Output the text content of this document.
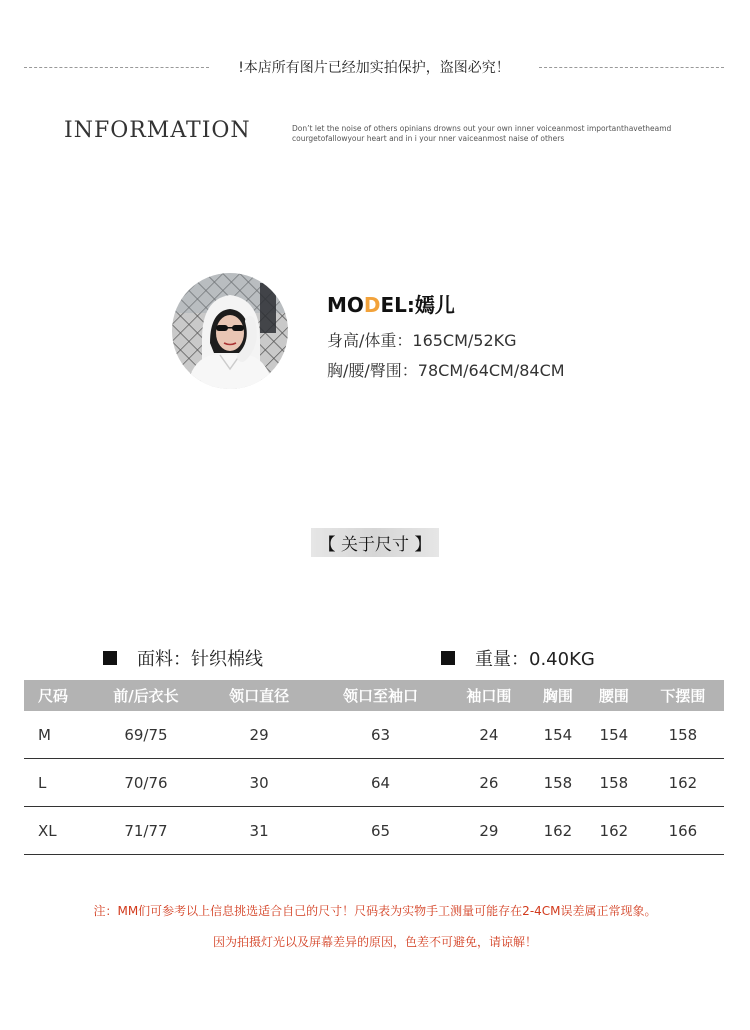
!本店所有图片已经加实拍保护，盗图必究！
INFORMATION	Don’t let the noise of others opinians drowns out your own inner voiceanmost importanthavetheamd
courgetofallowyour heart and in i your nner vaiceanmost naise of others
MODEL:嫣儿
身高/体重：165CM/52KG
胸/腰/臀围：78CM/64CM/84CM
【 关于尺寸 】
面料：针织棉线	重量：0.40KG
尺码	前/后衣长	领口直径	领口至袖口	袖口围	胸围	腰围	下摆围
M	69/75	29	63	24	154	154	158
L	70/76	30	64	26	158	158	162
XL	71/77	31	65	29	162	162	166
注：MM们可参考以上信息挑选适合自己的尺寸！尺码表为实物手工测量可能存在2-4CM误差属正常现象。
因为拍摄灯光以及屏幕差异的原因，色差不可避免，请谅解！
